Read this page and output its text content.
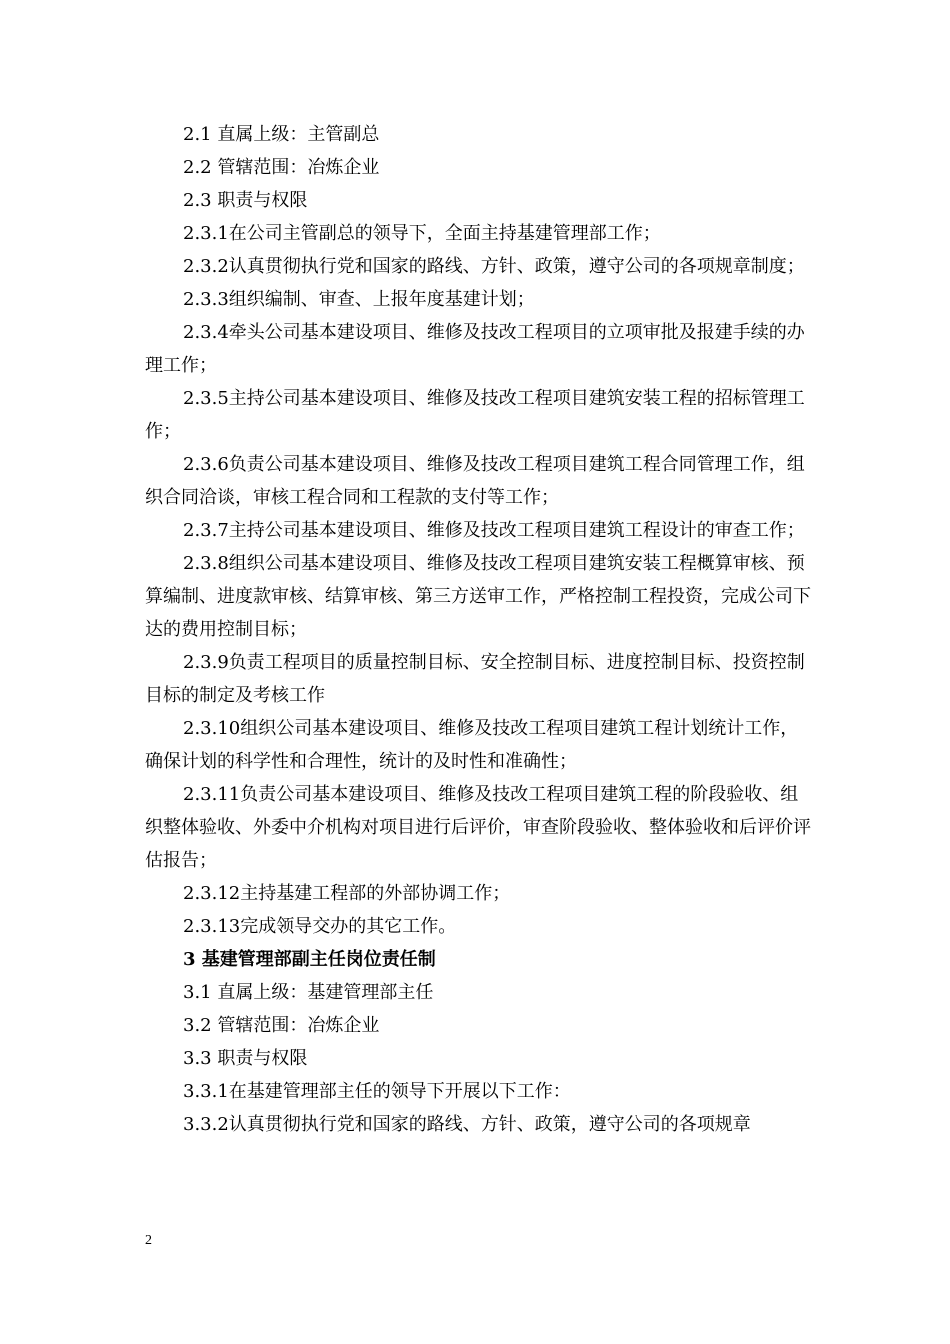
2.1 直属上级：主管副总

2.2 管辖范围：冶炼企业

2.3 职责与权限

2.3.1在公司主管副总的领导下，全面主持基建管理部工作；

2.3.2认真贯彻执行党和国家的路线、方针、政策，遵守公司的各项规章制度；

2.3.3组织编制、审查、上报年度基建计划；

2.3.4牵头公司基本建设项目、维修及技改工程项目的立项审批及报建手续的办理工作；

2.3.5主持公司基本建设项目、维修及技改工程项目建筑安装工程的招标管理工作；

2.3.6负责公司基本建设项目、维修及技改工程项目建筑工程合同管理工作，组织合同洽谈，审核工程合同和工程款的支付等工作；

2.3.7主持公司基本建设项目、维修及技改工程项目建筑工程设计的审查工作；

2.3.8组织公司基本建设项目、维修及技改工程项目建筑安装工程概算审核、预算编制、进度款审核、结算审核、第三方送审工作，严格控制工程投资，完成公司下达的费用控制目标；

2.3.9负责工程项目的质量控制目标、安全控制目标、进度控制目标、投资控制目标的制定及考核工作

2.3.10组织公司基本建设项目、维修及技改工程项目建筑工程计划统计工作，确保计划的科学性和合理性，统计的及时性和准确性；

2.3.11负责公司基本建设项目、维修及技改工程项目建筑工程的阶段验收、组织整体验收、外委中介机构对项目进行后评价，审查阶段验收、整体验收和后评价评估报告；

2.3.12主持基建工程部的外部协调工作；

2.3.13完成领导交办的其它工作。

3 基建管理部副主任岗位责任制

3.1 直属上级：基建管理部主任

3.2 管辖范围：冶炼企业

3.3 职责与权限

3.3.1在基建管理部主任的领导下开展以下工作：

3.3.2认真贯彻执行党和国家的路线、方针、政策，遵守公司的各项规章

2
